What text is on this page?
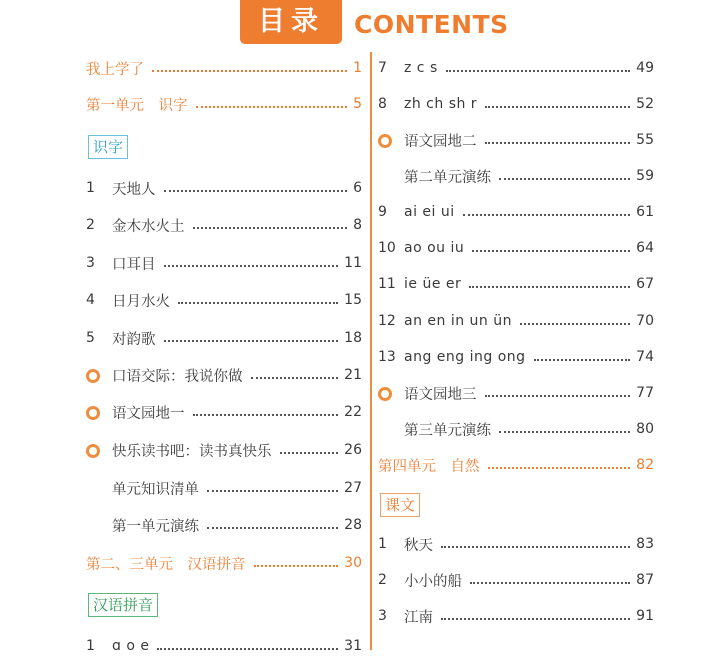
目录	CONTENTS
我上学了	1
第一单元　识字	5
识字
1	天地人	6
2	金木水火土	8
3	口耳目	11
4	日月水火	15
5	对韵歌	18
口语交际：我说你做	21
语文园地一	22
快乐读书吧：读书真快乐	26
单元知识清单	27
第一单元演练	28
第二、三单元　汉语拼音	30
汉语拼音
1	ɑ o e	31
7	z c s	49
8	zh ch sh r	52
语文园地二	55
第二单元演练	59
9	ai ei ui	61
10 ao ou iu	64
11 ie üe er	67
12 an en in un ün	70
13 ang eng ing ong	74
语文园地三	77
第三单元演练	80
第四单元　自然	82
课文
1	秋天	83
2	小小的船	87
3	江南	91
